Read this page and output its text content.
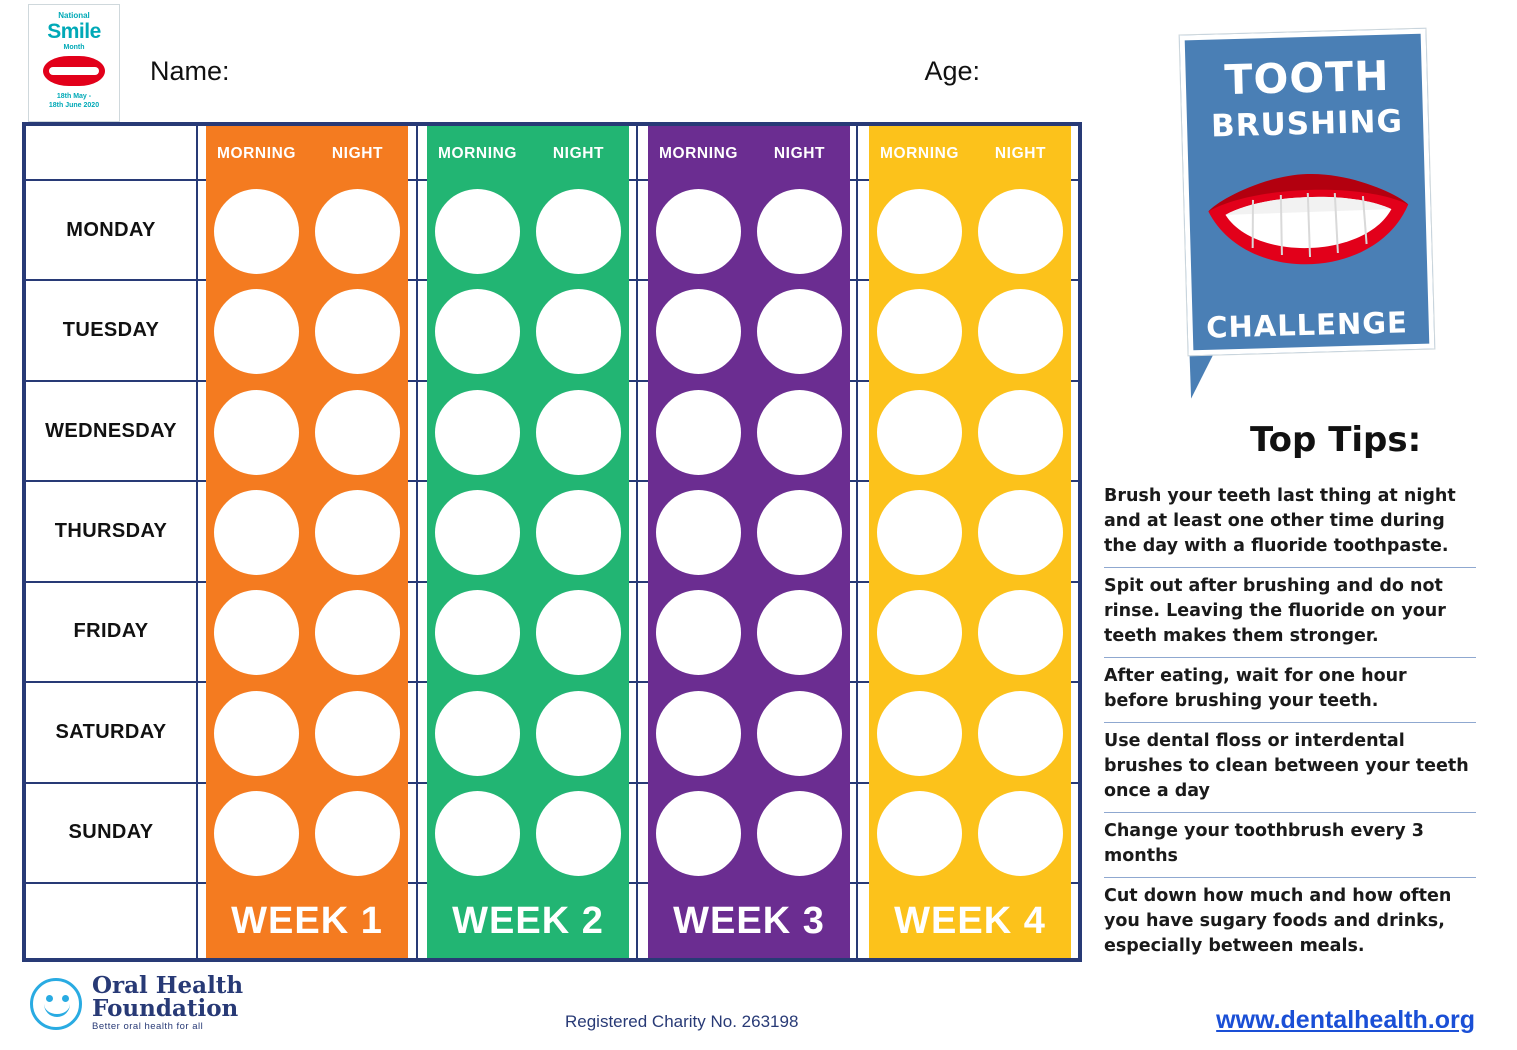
National
Smile
Month
18th May -
18th June 2020
Name:	Age:
MONDAY
TUESDAY
WEDNESDAY
THURSDAY
FRIDAY
SATURDAY
SUNDAY
MORNING	NIGHT
WEEK 1
MORNING	NIGHT
WEEK 2
MORNING	NIGHT
WEEK 3
MORNING	NIGHT
WEEK 4
TOOTH
BRUSHING
CHALLENGE
Top Tips:
Brush your teeth last thing at night and at least one other time during the day with a fluoride toothpaste.
Spit out after brushing and do not rinse. Leaving the fluoride on your teeth makes them stronger.
After eating, wait for one hour before brushing your teeth.
Use dental floss or interdental brushes to clean between your teeth once a day
Change your toothbrush every 3 months
Cut down how much and how often you have sugary foods and drinks, especially between meals.
Oral Health
Foundation
Better oral health for all	Registered Charity No. 263198	www.dentalhealth.org
